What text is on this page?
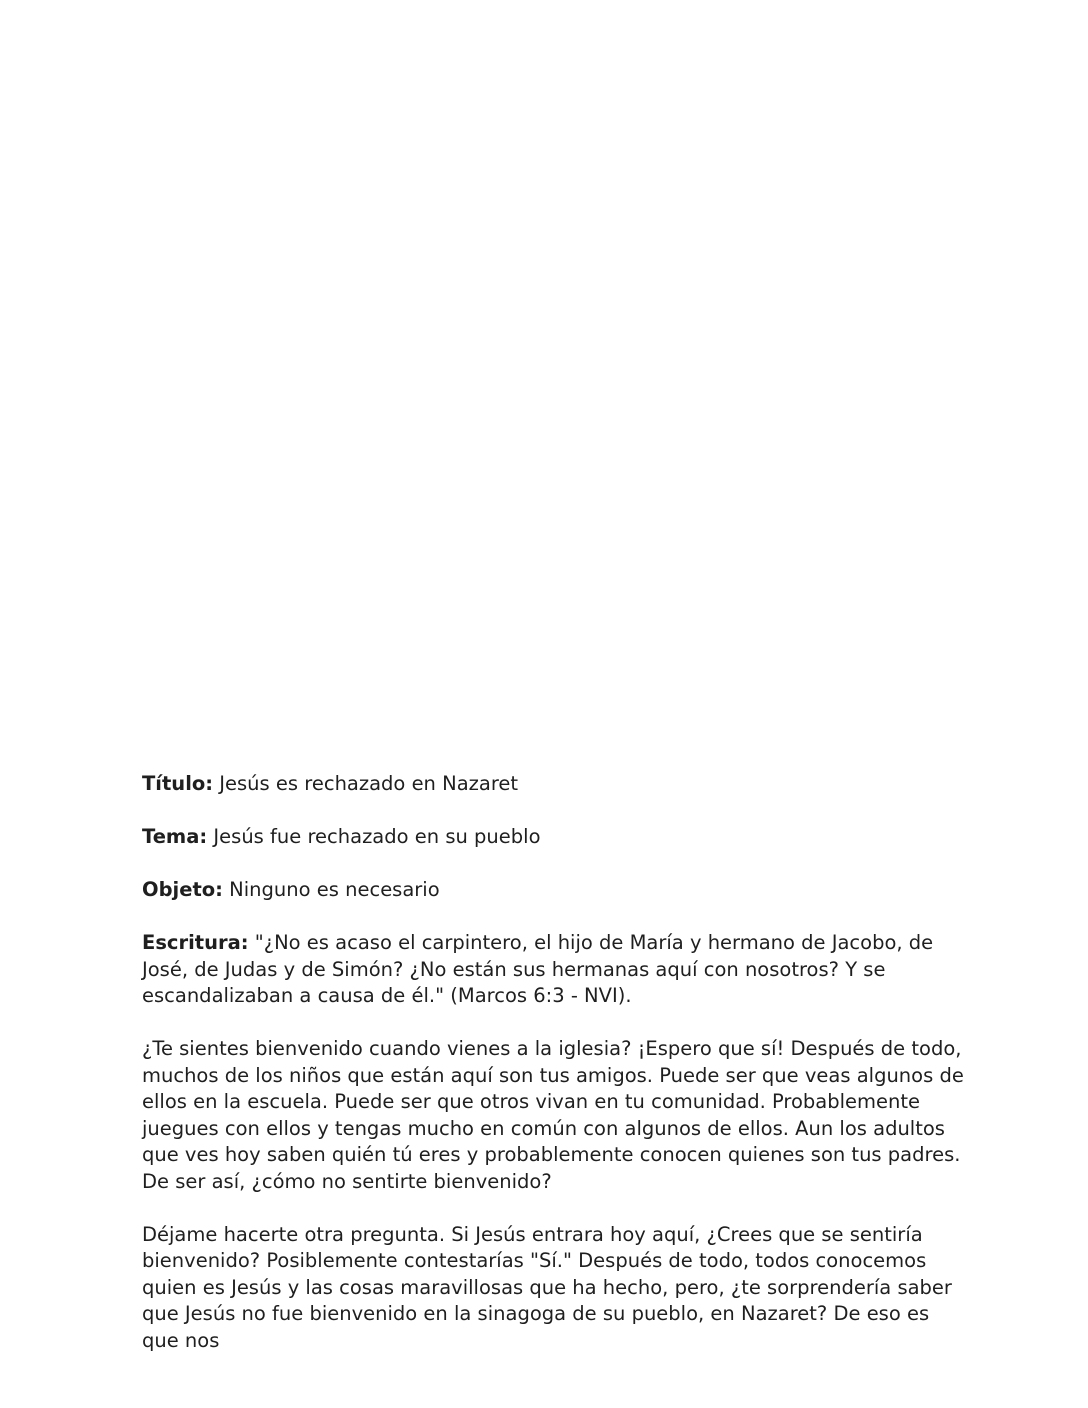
Título: Jesús es rechazado en Nazaret

Tema: Jesús fue rechazado en su pueblo

Objeto: Ninguno es necesario

Escritura: "¿No es acaso el carpintero, el hijo de María y hermano de Jacobo, de José, de Judas y de Simón? ¿No están sus hermanas aquí con nosotros? Y se escandalizaban a causa de él." (Marcos 6:3 - NVI).

¿Te sientes bienvenido cuando vienes a la iglesia? ¡Espero que sí! Después de todo, muchos de los niños que están aquí son tus amigos. Puede ser que veas algunos de ellos en la escuela. Puede ser que otros vivan en tu comunidad. Probablemente juegues con ellos y tengas mucho en común con algunos de ellos. Aun los adultos que ves hoy saben quién tú eres y probablemente conocen quienes son tus padres. De ser así, ¿cómo no sentirte bienvenido?

Déjame hacerte otra pregunta. Si Jesús entrara hoy aquí, ¿Crees que se sentiría bienvenido? Posiblemente contestarías "Sí." Después de todo, todos conocemos quien es Jesús y las cosas maravillosas que ha hecho, pero, ¿te sorprendería saber que Jesús no fue bienvenido en la sinagoga de su pueblo, en Nazaret? De eso es que nos
